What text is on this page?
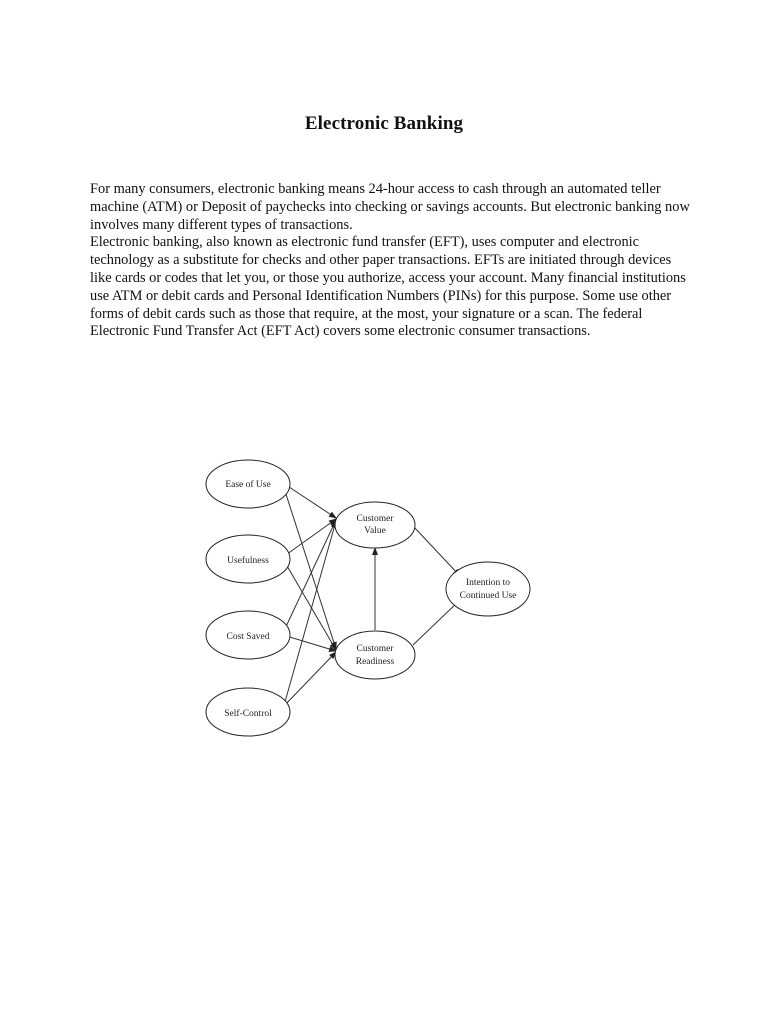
Electronic Banking

For many consumers, electronic banking means 24-hour access to cash through an automated teller machine (ATM) or Deposit of paychecks into checking or savings accounts. But electronic banking now involves many different types of transactions.

Electronic banking, also known as electronic fund transfer (EFT), uses computer and electronic technology as a substitute for checks and other paper transactions. EFTs are initiated through devices like cards or codes that let you, or those you authorize, access your account. Many financial institutions use ATM or debit cards and Personal Identification Numbers (PINs) for this purpose. Some use other forms of debit cards such as those that require, at the most, your signature or a scan. The federal Electronic Fund Transfer Act (EFT Act) covers some electronic consumer transactions.

Ease of Use
Usefulness
Cost Saved
Self-Control
Customer
Value
Customer
Readiness
Intention to
Continued Use
